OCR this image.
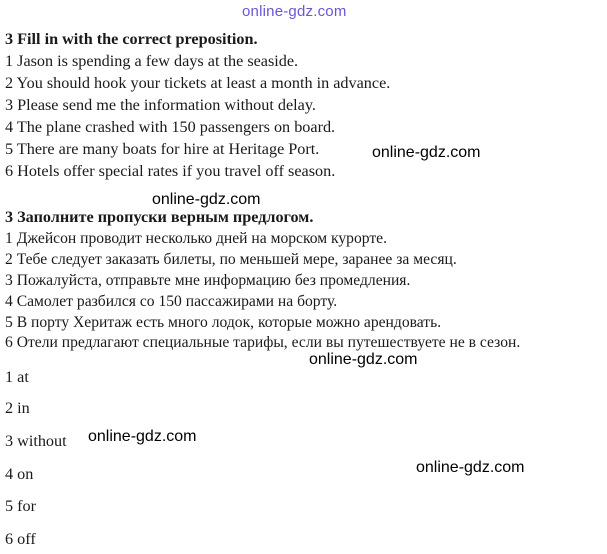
online-gdz.com
3 Fill in with the correct preposition.
1 Jason is spending a few days at the seaside.
2 You should hook your tickets at least a month in advance.
3 Please send me the information without delay.
4 The plane crashed with 150 passengers on board.
5 There are many boats for hire at Heritage Port.
6 Hotels offer special rates if you travel off season.
3 Заполните пропуски верным предлогом.
1 Джейсон проводит несколько дней на морском курорте.
2 Тебе следует заказать билеты, по меньшей мере, заранее за месяц.
3 Пожалуйста, отправьте мне информацию без промедления.
4 Самолет разбился со 150 пассажирами на борту.
5 В порту Херитаж есть много лодок, которые можно арендовать.
6 Отели предлагают специальные тарифы, если вы путешествуете не в сезон.
1 at
2 in
3 without
4 on
5 for
6 off
online-gdz.com
online-gdz.com
online-gdz.com
online-gdz.com
online-gdz.com
